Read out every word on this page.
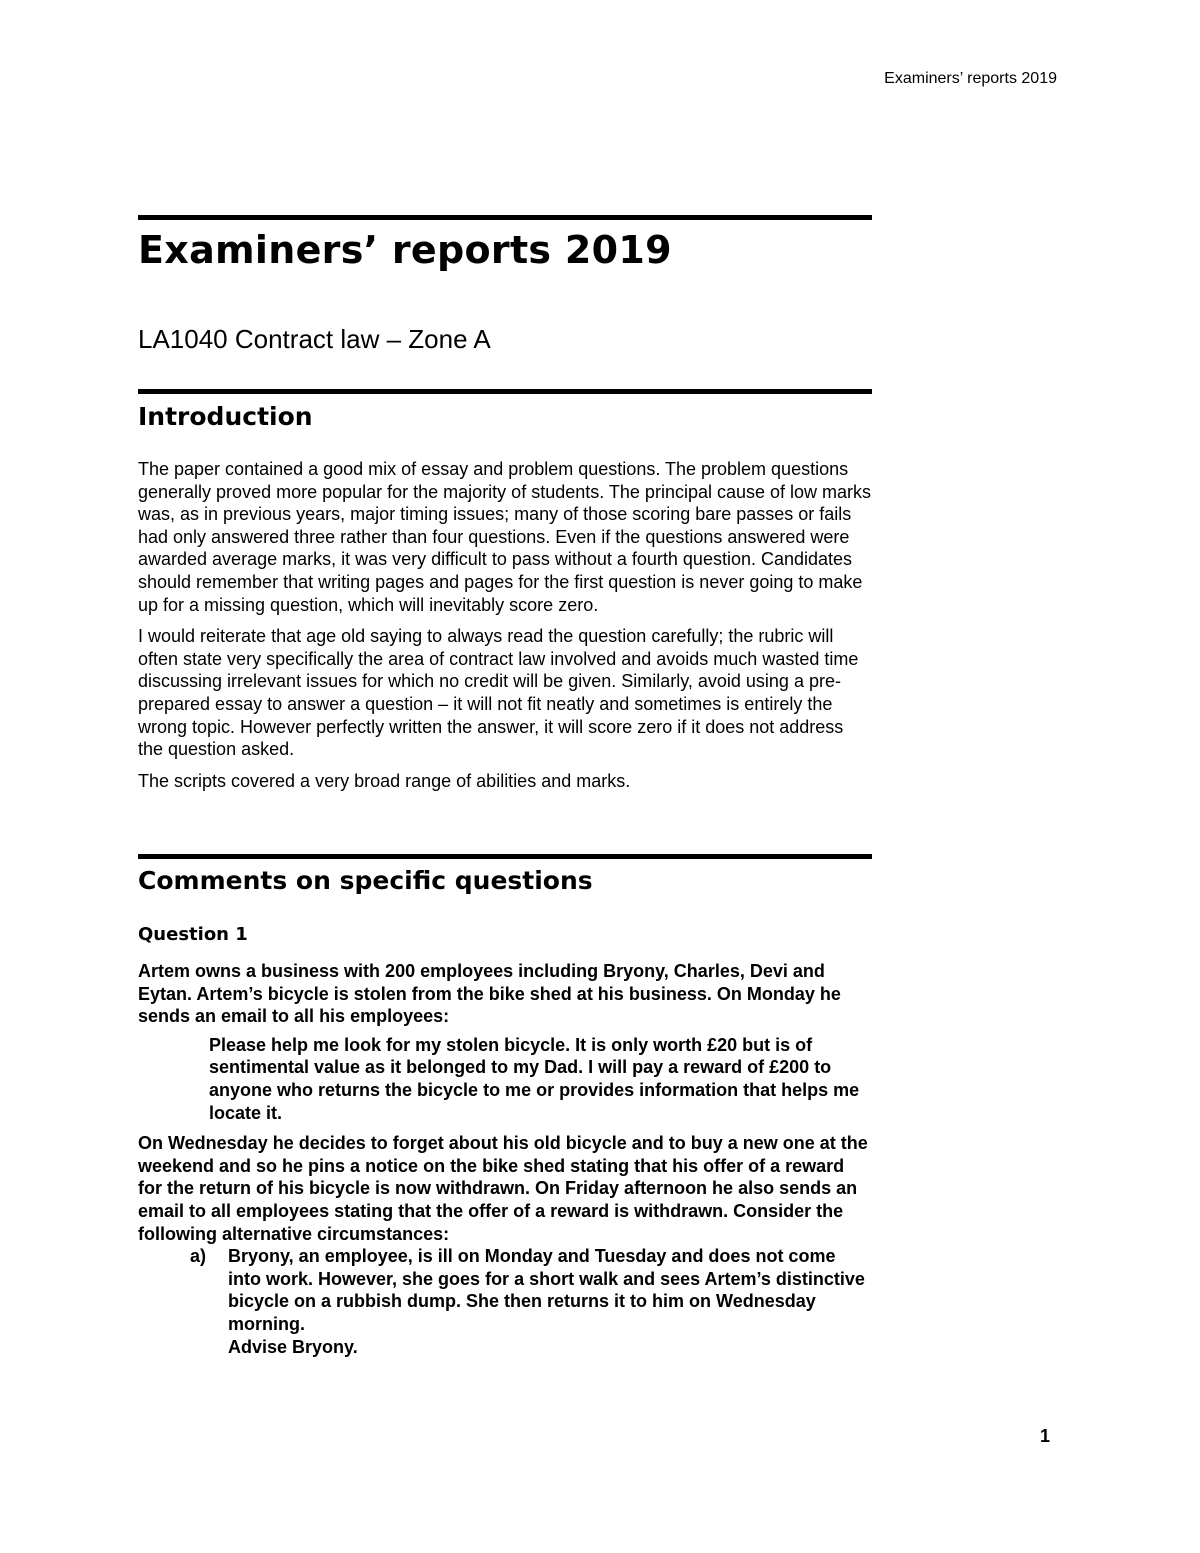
Examiners’ reports 2019
Examiners’ reports 2019
LA1040 Contract law – Zone A
Introduction

The paper contained a good mix of essay and problem questions. The problem questions generally proved more popular for the majority of students. The principal cause of low marks was, as in previous years, major timing issues; many of those scoring bare passes or fails had only answered three rather than four questions. Even if the questions answered were awarded average marks, it was very difficult to pass without a fourth question. Candidates should remember that writing pages and pages for the first question is never going to make up for a missing question, which will inevitably score zero.

I would reiterate that age old saying to always read the question carefully; the rubric will often state very specifically the area of contract law involved and avoids much wasted time discussing irrelevant issues for which no credit will be given. Similarly, avoid using a pre-prepared essay to answer a question – it will not fit neatly and sometimes is entirely the wrong topic. However perfectly written the answer, it will score zero if it does not address the question asked.

The scripts covered a very broad range of abilities and marks.

Comments on specific questions
Question 1

Artem owns a business with 200 employees including Bryony, Charles, Devi and Eytan. Artem’s bicycle is stolen from the bike shed at his business. On Monday he sends an email to all his employees:

Please help me look for my stolen bicycle. It is only worth £20 but is of sentimental value as it belonged to my Dad. I will pay a reward of £200 to anyone who returns the bicycle to me or provides information that helps me locate it.

On Wednesday he decides to forget about his old bicycle and to buy a new one at the weekend and so he pins a notice on the bike shed stating that his offer of a reward for the return of his bicycle is now withdrawn. On Friday afternoon he also sends an email to all employees stating that the offer of a reward is withdrawn. Consider the following alternative circumstances:

a) Bryony, an employee, is ill on Monday and Tuesday and does not come into work. However, she goes for a short walk and sees Artem’s distinctive bicycle on a rubbish dump. She then returns it to him on Wednesday morning.
Advise Bryony.
1
